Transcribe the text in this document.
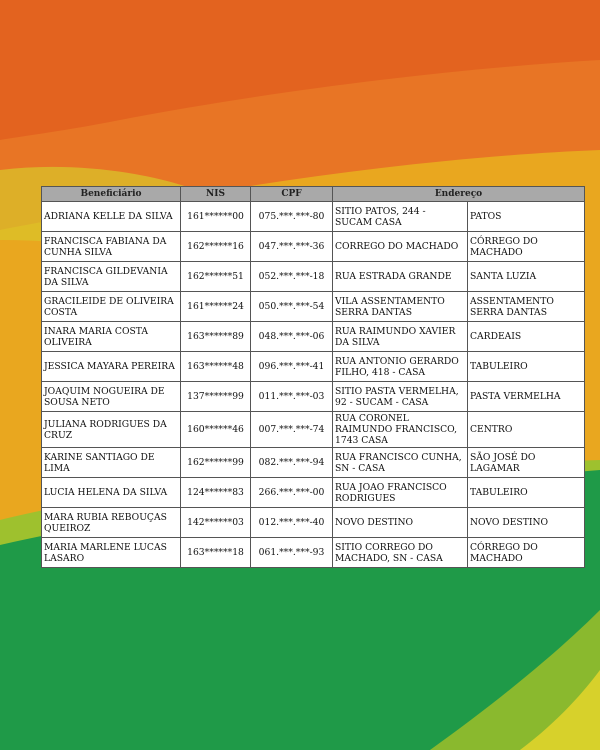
Beneficiário	NIS	CPF	Endereço	
ADRIANA KELLE DA SILVA	161******00	075.***.***-80	SITIO PATOS, 244 - SUCAM CASA	PATOS
FRANCISCA FABIANA DA CUNHA SILVA	162******16	047.***.***-36	CORREGO DO MACHADO	CÓRREGO DO MACHADO
FRANCISCA GILDEVANIA DA SILVA	162******51	052.***.***-18	RUA ESTRADA GRANDE	SANTA LUZIA
GRACILEIDE DE OLIVEIRA COSTA	161******24	050.***.***-54	VILA ASSENTAMENTO SERRA DANTAS	ASSENTAMENTO SERRA DANTAS
INARA MARIA COSTA OLIVEIRA	163******89	048.***.***-06	RUA RAIMUNDO XAVIER DA SILVA	CARDEAIS
JESSICA MAYARA PEREIRA	163******48	096.***.***-41	RUA ANTONIO GERARDO FILHO, 418 - CASA	TABULEIRO
JOAQUIM NOGUEIRA DE SOUSA NETO	137******99	011.***.***-03	SITIO PASTA VERMELHA, 92 - SUCAM - CASA	PASTA VERMELHA
JULIANA RODRIGUES DA CRUZ	160******46	007.***.***-74	RUA CORONEL RAIMUNDO FRANCISCO, 1743 CASA	CENTRO
KARINE SANTIAGO DE LIMA	162******99	082.***.***-94	RUA FRANCISCO CUNHA, SN - CASA	SÃO JOSÉ DO LAGAMAR
LUCIA HELENA DA SILVA	124******83	266.***.***-00	RUA JOAO FRANCISCO RODRIGUES	TABULEIRO
MARA RUBIA REBOUÇAS QUEIROZ	142******03	012.***.***-40	NOVO DESTINO	NOVO DESTINO
MARIA MARLENE LUCAS LASARO	163******18	061.***.***-93	SITIO CORREGO DO MACHADO, SN - CASA	CÓRREGO DO MACHADO
